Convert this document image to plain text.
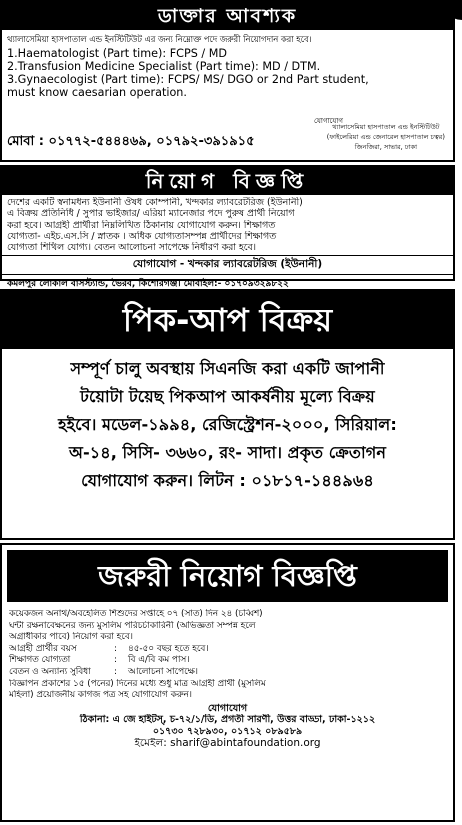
ডাক্তার আবশ্যক
থ্যালাসেমিয়া হাসপাতাল এন্ড ইনস্টিটিউট এর জন্য নিম্নোক্ত পদে জরুরী নিয়োগদান করা হবে।
1.Haematologist (Part time): FCPS / MD
2.Transfusion Medicine Specialist (Part time): MD / DTM.
3.Gynaecologist (Part time): FCPS/ MS/ DGO or 2nd Part student,
must know caesarian operation.
যোগাযোগ
মোবা : ০১৭৭২-৫৪৪৪৬৯, ০১৭৯২-৩৯১৯১৫
থ্যালাসেমিয়া হাসপাতাল এন্ড ইনস্টিটিউট
(ফাইলেরিয়া এন্ড জেনারেল হাসপাতাল চত্বর)
জিনজিরা, সাভার, ঢাকা
নিয়োগ বিজ্ঞপ্তি
দেশের একটি স্বনামধন্য ইউনানী ঔষধ কোম্পানী, খন্দকার ল্যাবরেটরিজ (ইউনানী)
এ বিক্রয় প্রতিনিধি / সুপার ভাইজার/ এরিয়া ম্যানেজার পদে পুরুষ প্রার্থী নিয়োগ
করা হবে। আগ্রহী প্রার্থীরা নিম্নলিখিত ঠিকানায় যোগাযোগ করুন। শিক্ষাগত
যোগ্যতা- এইচ.এস.সি / স্নাতক । অধিক যোগ্যতাসম্পন্ন প্রার্থীদের শিক্ষাগত
যোগ্যতা শিথিল যোগ্য। বেতন আলোচনা সাপেক্ষে নির্ধারণ করা হবে।
যোগাযোগ - খন্দকার ল্যাবরেটরিজ (ইউনানী)
কমলপুর লোকাল বাসস্ট্যান্ড, ভৈরব, কিশোরগঞ্জ। মোবাইল:- ০১৭০৯৩২৯৮২২
পিক-আপ বিক্রয়
সম্পূর্ণ চালু অবস্থায় সিএনজি করা একটি জাপানী
টয়োটা টয়েছ পিকআপ আকর্ষনীয় মূল্যে বিক্রয়
হইবে। মডেল-১৯৯৪, রেজিস্ট্রেশন-২০০০, সিরিয়াল:
অ-১৪, সিসি- ৩৬৬০, রং- সাদা। প্রকৃত ক্রেতাগন
যোগাযোগ করুন। লিটন : ০১৮১৭-১৪৪৯৬৪
জরুরী নিয়োগ বিজ্ঞপ্তি
কয়েকজন অনাথ/অবহেলিত শিশুদের সপ্তাহে ০৭ (সাত) দিন ২৪ (চব্বিশ)
ঘন্টা রক্ষনাবেক্ষনের জন্য মুসলিম পরিচর্চাকারিনী (অভিজ্ঞতা সম্পন্ন হলে
অগ্রাধীকার পাবে) নিয়োগ করা হবে।
আগ্রহী প্রার্থীর বয়স	:	৪৫-৫০ বছর হতে হবে।
শিক্ষাগত যোগ্যতা	:	বি এ/বি কম পাস।
বেতন ও অন্যান্য সুবিধা	:	আলোচনা সাপেক্ষে।
বিজ্ঞাপন প্রকাশের ১৫ (পনের) দিনের মধ্যে শুধু মাত্র আগ্রহী প্রার্থী (মুসলিম
মহিলা) প্রয়োজনীয় কাগজ পত্র সহ যোগাযোগ করুন।
যোগাযোগ
ঠিকানা: এ জে হাইটস্, চ-৭২/১/ডি, প্রগতী সারণী, উত্তর বাড্ডা, ঢাকা-১২১২
০১৭৩০ ৭২৮৯৩০, ০১৭১২ ০৮৯৫৮৯
ইমেইল: sharif@abintafoundation.org
